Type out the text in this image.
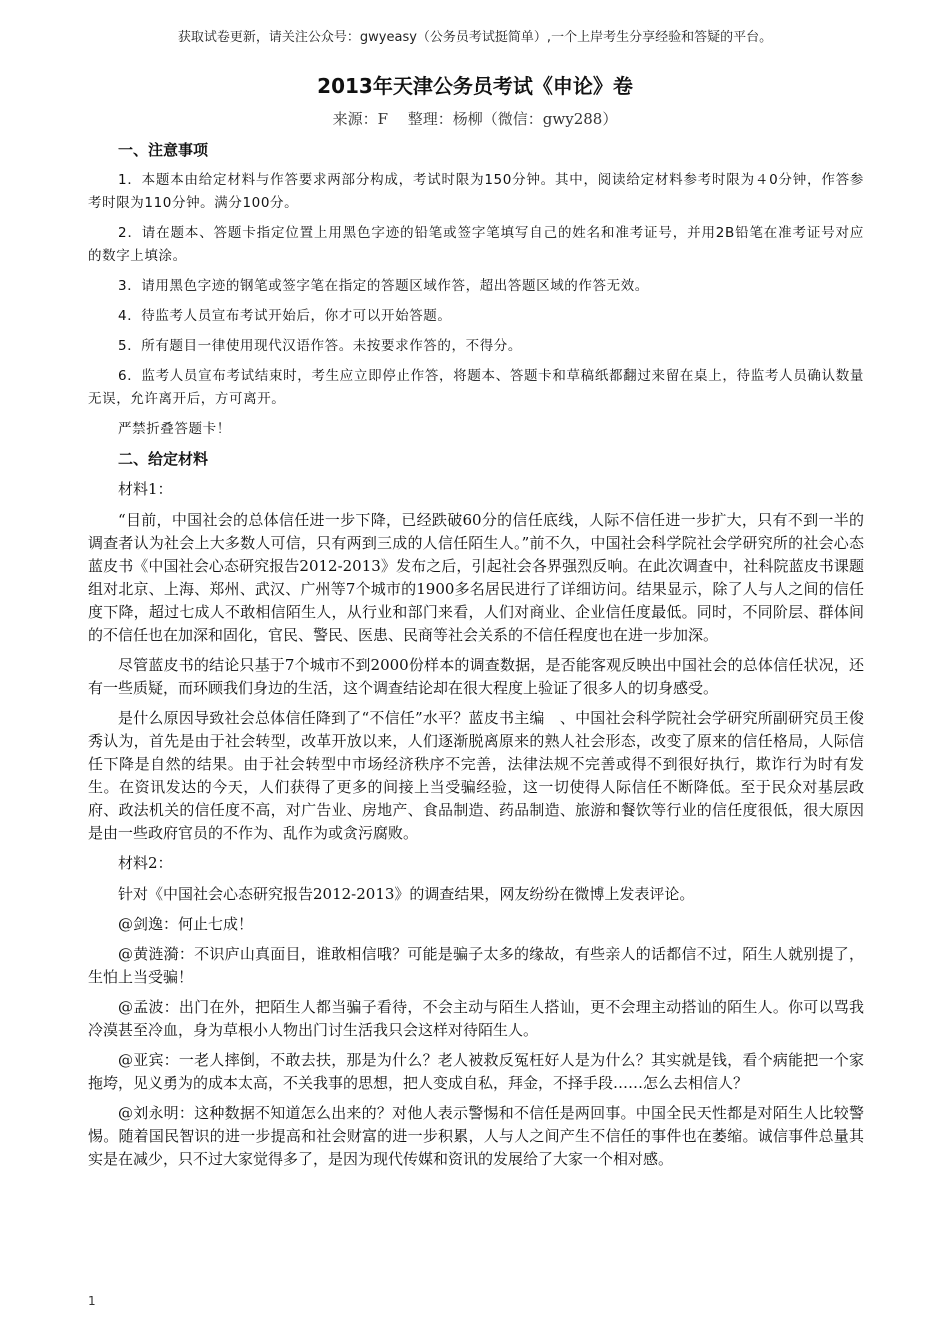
获取试卷更新，请关注公众号：gwyeasy（公务员考试挺简单）,一个上岸考生分享经验和答疑的平台。
2013年天津公务员考试《申论》卷
来源：F　 整理：杨柳（微信：gwy288）
一、注意事项

1．本题本由给定材料与作答要求两部分构成，考试时限为150分钟。其中，阅读给定材料参考时限为４0分钟，作答参考时限为110分钟。满分100分。

2．请在题本、答题卡指定位置上用黑色字迹的铅笔或签字笔填写自己的姓名和准考证号，并用2B铅笔在准考证号对应的数字上填涂。

3．请用黑色字迹的钢笔或签字笔在指定的答题区域作答，超出答题区域的作答无效。

4．待监考人员宣布考试开始后，你才可以开始答题。

5．所有题目一律使用现代汉语作答。未按要求作答的，不得分。

6．监考人员宣布考试结束时，考生应立即停止作答，将题本、答题卡和草稿纸都翻过来留在桌上，待监考人员确认数量无误，允许离开后，方可离开。

严禁折叠答题卡！

二、给定材料

材料1：

“目前，中国社会的总体信任进一步下降，已经跌破60分的信任底线，人际不信任进一步扩大，只有不到一半的调查者认为社会上大多数人可信，只有两到三成的人信任陌生人。”前不久，中国社会科学院社会学研究所的社会心态蓝皮书《中国社会心态研究报告2012-2013》发布之后，引起社会各界强烈反响。在此次调查中，社科院蓝皮书课题组对北京、上海、郑州、武汉、广州等7个城市的1900多名居民进行了详细访问。结果显示，除了人与人之间的信任度下降，超过七成人不敢相信陌生人，从行业和部门来看，人们对商业、企业信任度最低。同时，不同阶层、群体间的不信任也在加深和固化，官民、警民、医患、民商等社会关系的不信任程度也在进一步加深。

尽管蓝皮书的结论只基于7个城市不到2000份样本的调查数据，是否能客观反映出中国社会的总体信任状况，还有一些质疑，而环顾我们身边的生活，这个调查结论却在很大程度上验证了很多人的切身感受。

是什么原因导致社会总体信任降到了“不信任”水平？蓝皮书主编　、中国社会科学院社会学研究所副研究员王俊秀认为，首先是由于社会转型，改革开放以来，人们逐渐脱离原来的熟人社会形态，改变了原来的信任格局，人际信任下降是自然的结果。由于社会转型中市场经济秩序不完善，法律法规不完善或得不到很好执行，欺诈行为时有发生。在资讯发达的今天，人们获得了更多的间接上当受骗经验，这一切使得人际信任不断降低。至于民众对基层政府、政法机关的信任度不高，对广告业、房地产、食品制造、药品制造、旅游和餐饮等行业的信任度很低，很大原因是由一些政府官员的不作为、乱作为或贪污腐败。

材料2：

针对《中国社会心态研究报告2012-2013》的调查结果，网友纷纷在微博上发表评论。

@剑逸：何止七成！

@黄涟漪：不识庐山真面目，谁敢相信哦？可能是骗子太多的缘故，有些亲人的话都信不过，陌生人就别提了，生怕上当受骗！

@孟波：出门在外，把陌生人都当骗子看待，不会主动与陌生人搭讪，更不会理主动搭讪的陌生人。你可以骂我冷漠甚至冷血，身为草根小人物出门讨生活我只会这样对待陌生人。

@亚宾：一老人摔倒，不敢去扶，那是为什么？老人被救反冤枉好人是为什么？其实就是钱，看个病能把一个家拖垮，见义勇为的成本太高，不关我事的思想，把人变成自私，拜金，不择手段……怎么去相信人？

@刘永明：这种数据不知道怎么出来的？对他人表示警惕和不信任是两回事。中国全民天性都是对陌生人比较警惕。随着国民智识的进一步提高和社会财富的进一步积累，人与人之间产生不信任的事件也在萎缩。诚信事件总量其实是在减少，只不过大家觉得多了，是因为现代传媒和资讯的发展给了大家一个相对感。

1
